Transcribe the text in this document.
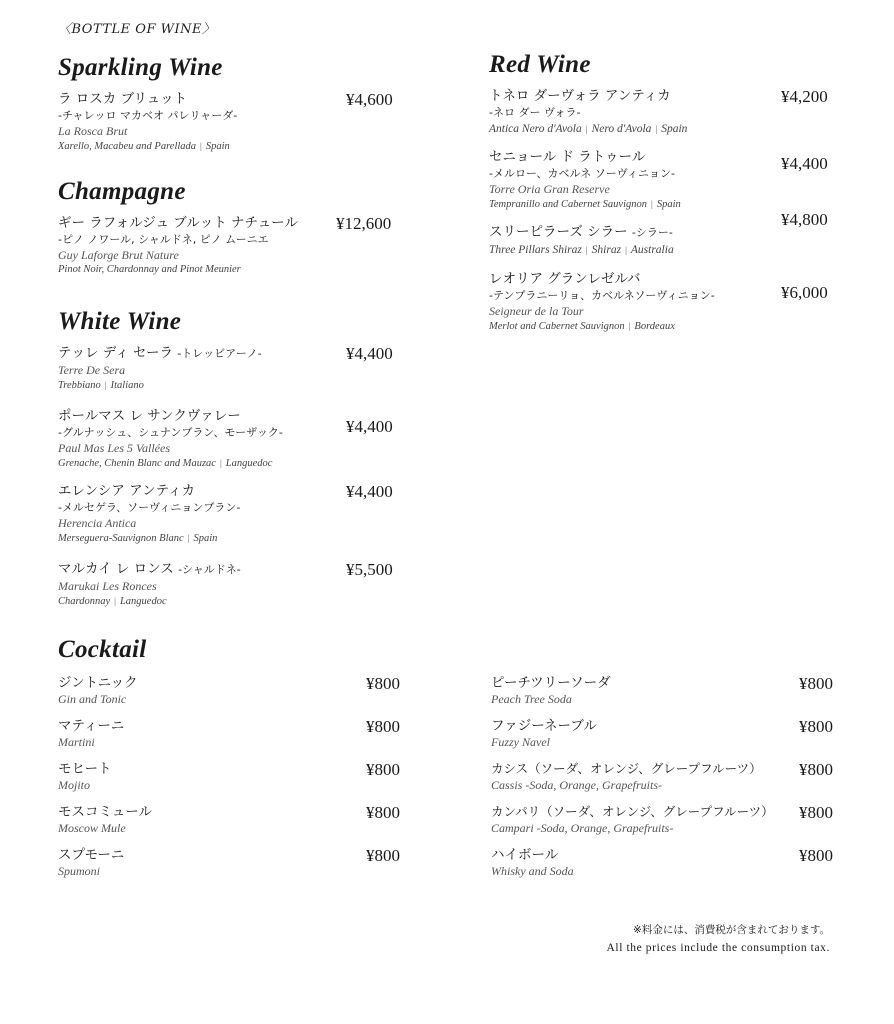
〈BOTTLE OF WINE〉
Sparkling Wine
ラ ロスカ ブリュット
-チャレッロ マカベオ パレリャーダ-
La Rosca Brut
Xarello, Macabeu and Parellada | Spain
¥4,600
Champagne
ギー ラフォルジュ ブルット ナチュール
-ピノ ノワール, シャルドネ, ピノ ムーニエ
Guy Laforge Brut Nature
Pinot Noir, Chardonnay and Pinot Meunier
¥12,600
White Wine
テッレ ディ セーラ -トレッビアーノ-
Terre De Sera
Trebbiano | Italiano
¥4,400
ポールマス レ サンクヴァレー
-グルナッシュ、シュナンブラン、モーザック-
Paul Mas Les 5 Vallées
Grenache, Chenin Blanc and Mauzac | Languedoc
¥4,400
エレンシア アンティカ
-メルセゲラ、ソーヴィニョンブラン-
Herencia Antica
Merseguera-Sauvignon Blanc | Spain
¥4,400
マルカイ レ ロンス -シャルドネ-
Marukai Les Ronces
Chardonnay | Languedoc
¥5,500
Red Wine
トネロ ダーヴォラ アンティカ
-ネロ ダー ヴォラ-
Antica Nero d'Avola | Nero d'Avola | Spain
¥4,200
セニョール ド ラトゥール
-メルロー、カベルネ ソーヴィニョン-
Torre Oria Gran Reserve
Tempranillo and Cabernet Sauvignon | Spain
¥4,400
スリーピラーズ シラー -シラー-
Three Pillars Shiraz | Shiraz | Australia
¥4,800
レオリア グランレゼルバ
-テンプラニーリョ、カベルネソーヴィニョン-
Seigneur de la Tour
Merlot and Cabernet Sauvignon | Bordeaux
¥6,000
Cocktail
ジントニック
Gin and Tonic
¥800
マティーニ
Martini
¥800
モヒート
Mojito
¥800
モスコミュール
Moscow Mule
¥800
スプモーニ
Spumoni
¥800
ピーチツリーソーダ
Peach Tree Soda
¥800
ファジーネーブル
Fuzzy Navel
¥800
カシス（ソーダ、オレンジ、グレープフルーツ）
Cassis -Soda, Orange, Grapefruits-
¥800
カンパリ（ソーダ、オレンジ、グレープフルーツ）
Campari -Soda, Orange, Grapefruits-
¥800
ハイボール
Whisky and Soda
¥800
※料金には、消費税が含まれております。
All the prices include the consumption tax.
